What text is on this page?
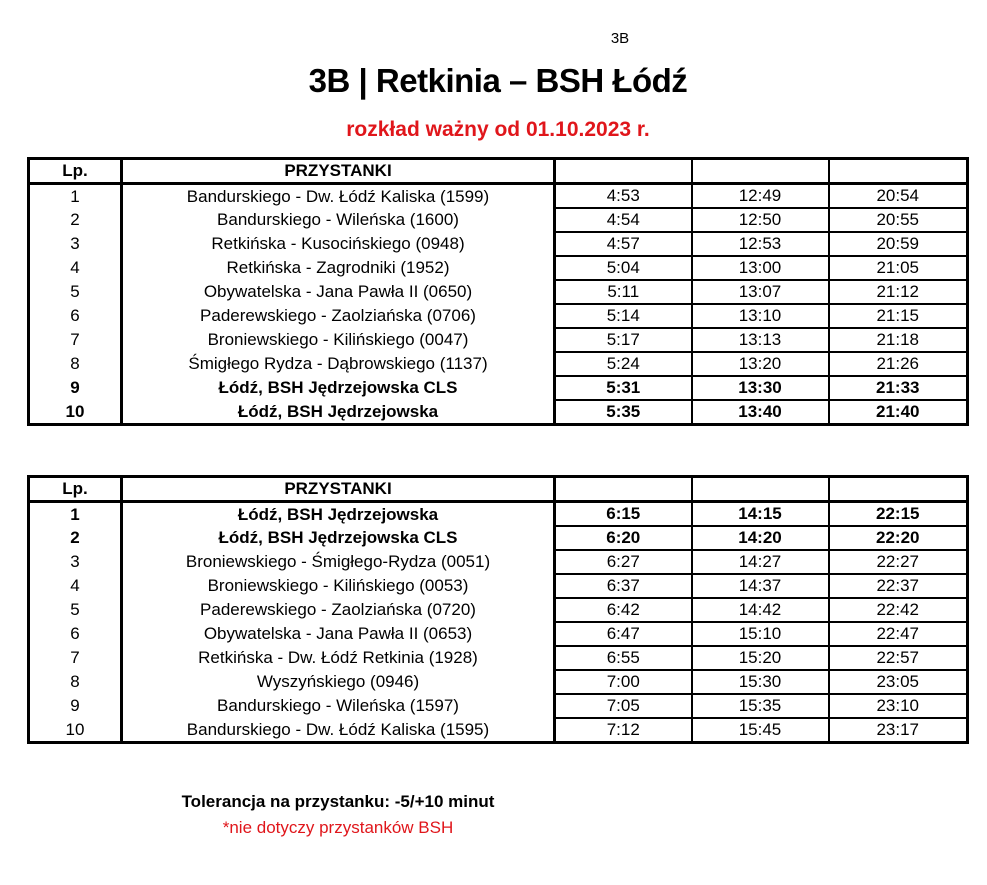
3B
3B | Retkinia – BSH Łódź
rozkład ważny od 01.10.2023 r.
Lp.	PRZYSTANKI			
1	Bandurskiego - Dw. Łódź Kaliska (1599)	4:53	12:49	20:54
2	Bandurskiego - Wileńska (1600)	4:54	12:50	20:55
3	Retkińska - Kusocińskiego (0948)	4:57	12:53	20:59
4	Retkińska - Zagrodniki (1952)	5:04	13:00	21:05
5	Obywatelska - Jana Pawła II (0650)	5:11	13:07	21:12
6	Paderewskiego - Zaolziańska (0706)	5:14	13:10	21:15
7	Broniewskiego - Kilińskiego (0047)	5:17	13:13	21:18
8	Śmigłego Rydza - Dąbrowskiego (1137)	5:24	13:20	21:26
9	Łódź, BSH Jędrzejowska CLS	5:31	13:30	21:33
10	Łódź, BSH Jędrzejowska	5:35	13:40	21:40
Lp.	PRZYSTANKI			
1	Łódź, BSH Jędrzejowska	6:15	14:15	22:15
2	Łódź, BSH Jędrzejowska CLS	6:20	14:20	22:20
3	Broniewskiego - Śmigłego-Rydza (0051)	6:27	14:27	22:27
4	Broniewskiego - Kilińskiego (0053)	6:37	14:37	22:37
5	Paderewskiego - Zaolziańska (0720)	6:42	14:42	22:42
6	Obywatelska - Jana Pawła II (0653)	6:47	15:10	22:47
7	Retkińska - Dw. Łódź Retkinia (1928)	6:55	15:20	22:57
8	Wyszyńskiego (0946)	7:00	15:30	23:05
9	Bandurskiego - Wileńska (1597)	7:05	15:35	23:10
10	Bandurskiego - Dw. Łódź Kaliska (1595)	7:12	15:45	23:17
Tolerancja na przystanku: -5/+10 minut
*nie dotyczy przystanków BSH
